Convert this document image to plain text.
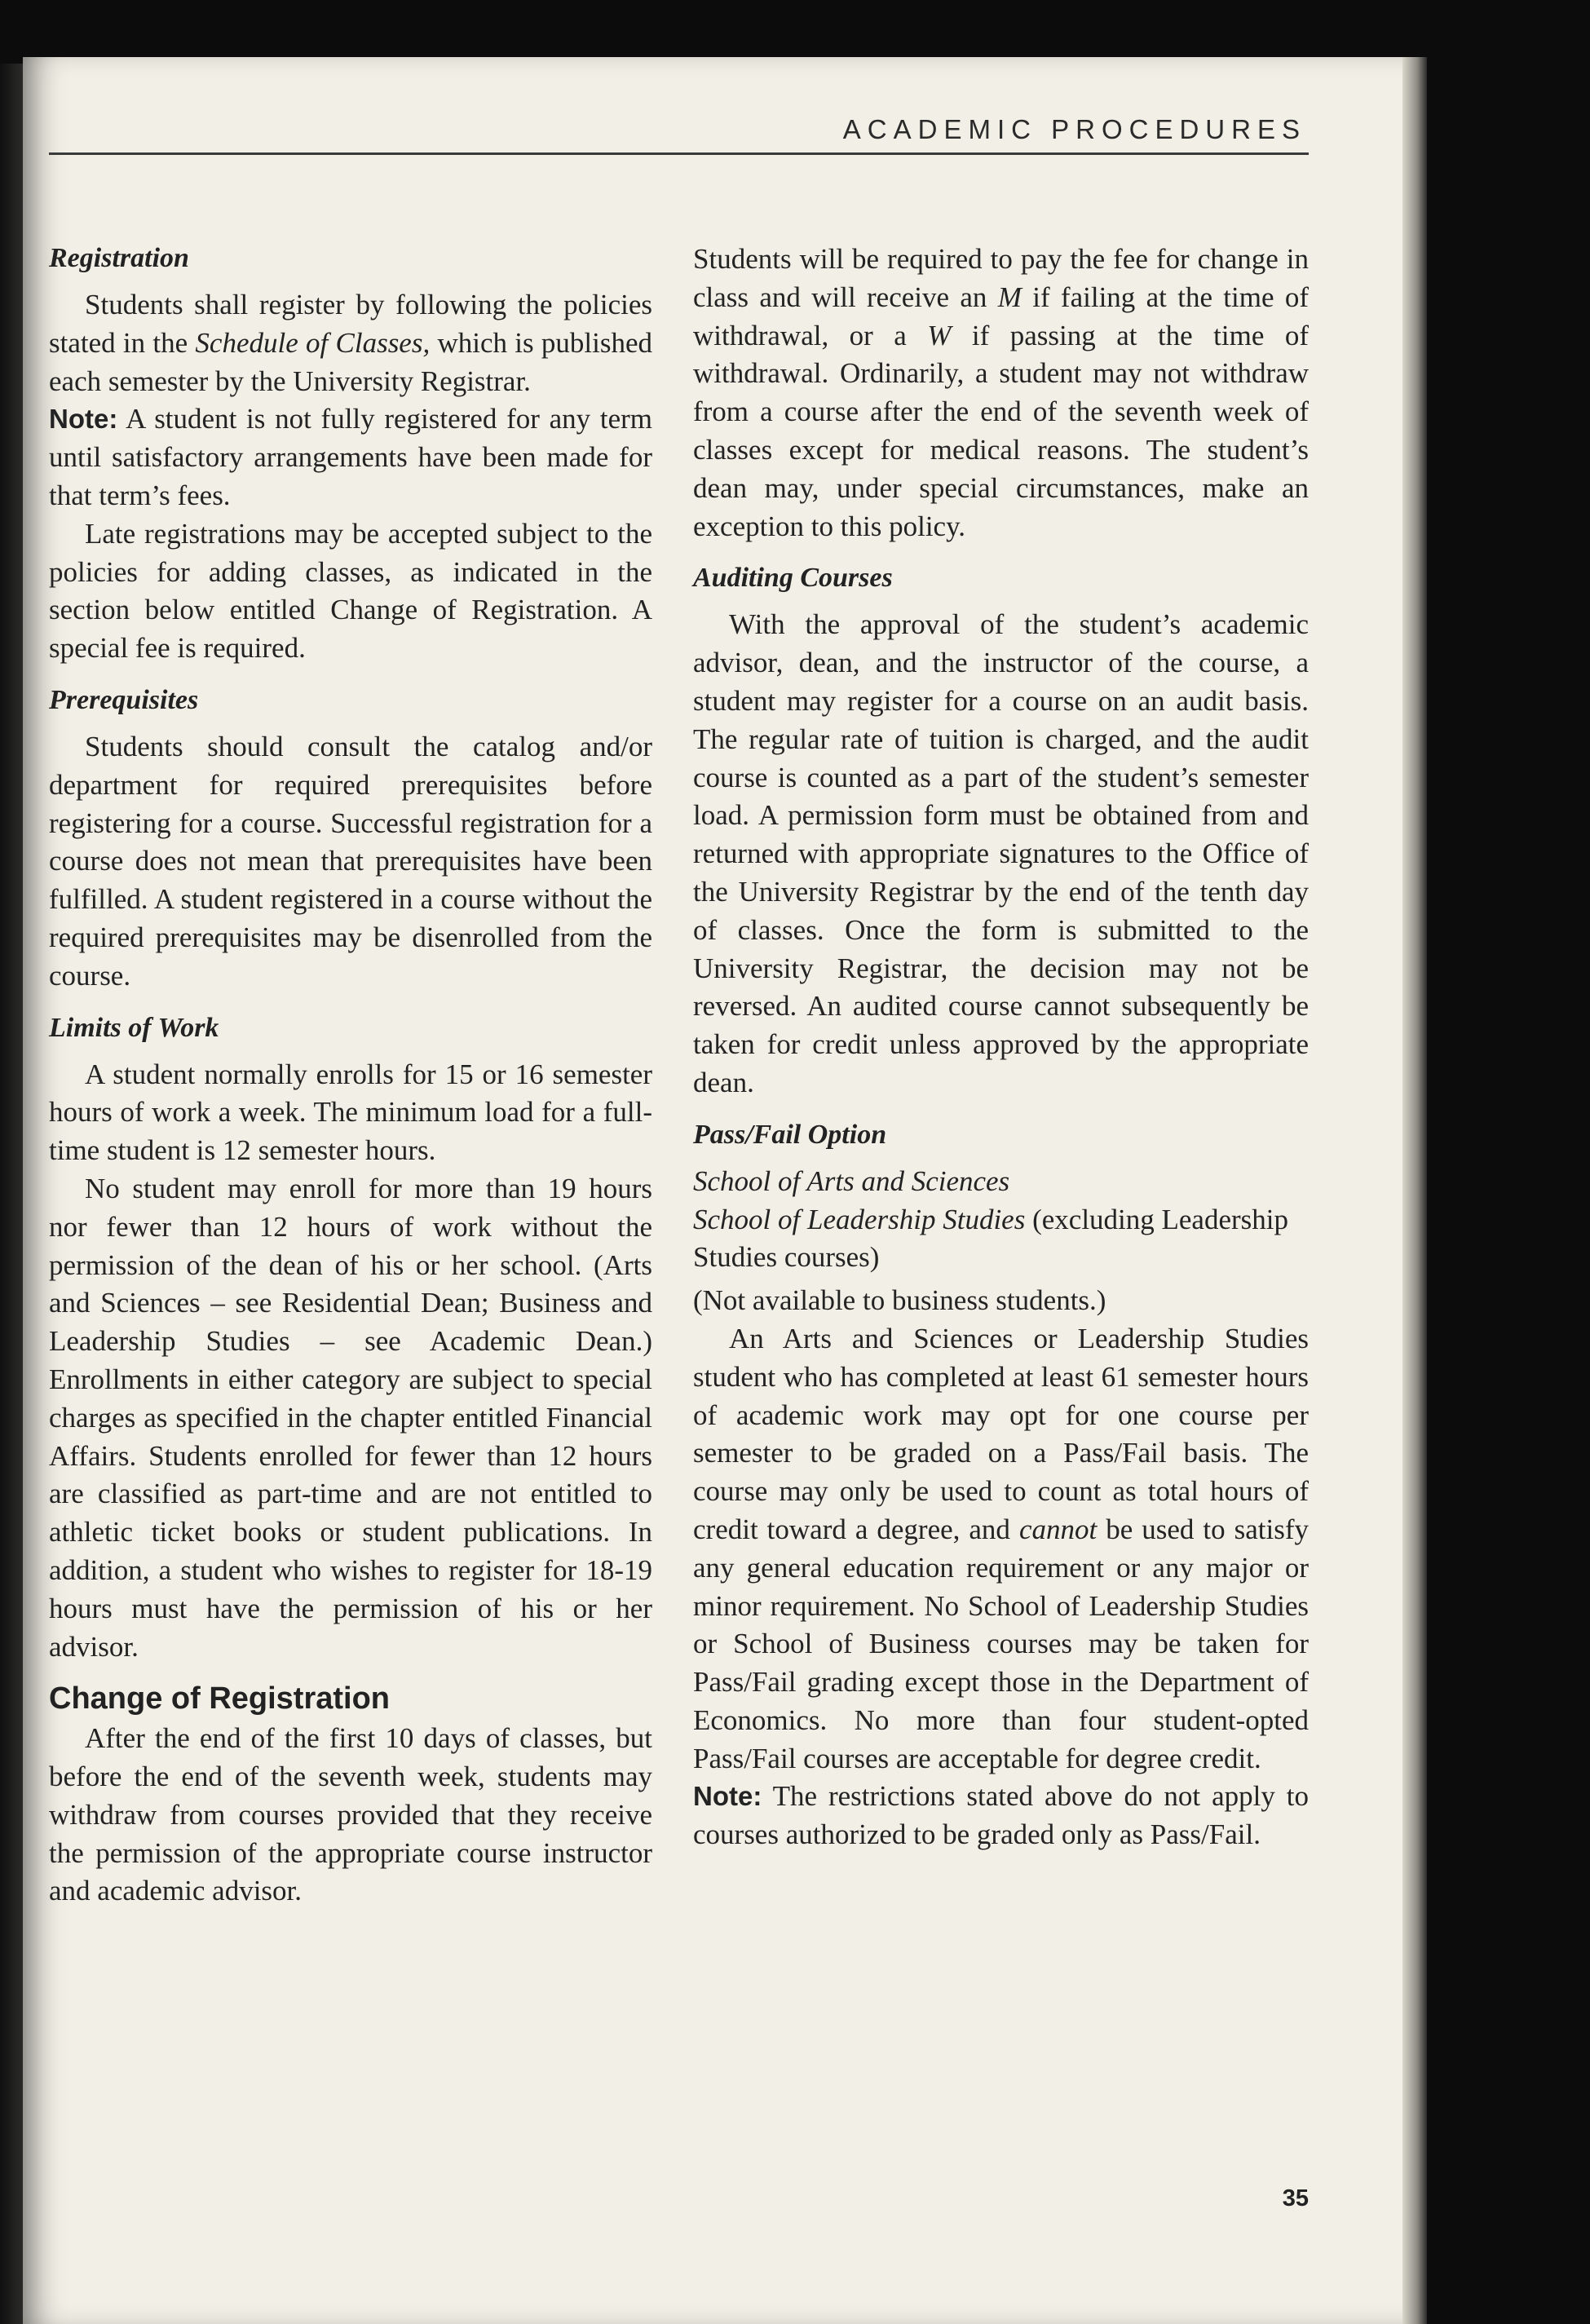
ACADEMIC PROCEDURES
Registration

Students shall register by following the policies stated in the Schedule of Classes, which is published each semester by the University Registrar.

Note: A student is not fully registered for any term until satisfactory arrangements have been made for that term’s fees.

Late registrations may be accepted subject to the policies for adding classes, as indicated in the section below entitled Change of Registration. A special fee is required.

Prerequisites

Students should consult the catalog and/or department for required prerequisites before registering for a course. Successful registration for a course does not mean that prerequisites have been fulfilled. A student registered in a course without the required prerequisites may be disenrolled from the course.

Limits of Work

A student normally enrolls for 15 or 16 semester hours of work a week. The minimum load for a full-time student is 12 semester hours.

No student may enroll for more than 19 hours nor fewer than 12 hours of work without the permission of the dean of his or her school. (Arts and Sciences – see Residential Dean; Business and Leadership Studies – see Academic Dean.) Enrollments in either category are subject to special charges as specified in the chapter entitled Financial Affairs. Students enrolled for fewer than 12 hours are classified as part-time and are not entitled to athletic ticket books or student publications. In addition, a student who wishes to register for 18-19 hours must have the permission of his or her advisor.

Change of Registration

After the end of the first 10 days of classes, but before the end of the seventh week, students may withdraw from courses provided that they receive the permission of the appropriate course instructor and academic advisor.

Students will be required to pay the fee for change in class and will receive an M if failing at the time of withdrawal, or a W if passing at the time of withdrawal. Ordinarily, a student may not withdraw from a course after the end of the seventh week of classes except for medical reasons. The student’s dean may, under special circumstances, make an exception to this policy.

Auditing Courses

With the approval of the student’s academic advisor, dean, and the instructor of the course, a student may register for a course on an audit basis. The regular rate of tuition is charged, and the audit course is counted as a part of the student’s semester load. A permission form must be obtained from and returned with appropriate signatures to the Office of the University Registrar by the end of the tenth day of classes. Once the form is submitted to the University Registrar, the decision may not be reversed. An audited course cannot subsequently be taken for credit unless approved by the appropriate dean.

Pass/Fail Option
School of Arts and Sciences
School of Leadership Studies (excluding Leadership Studies courses)
(Not available to business students.)

An Arts and Sciences or Leadership Studies student who has completed at least 61 semester hours of academic work may opt for one course per semester to be graded on a Pass/Fail basis. The course may only be used to count as total hours of credit toward a degree, and cannot be used to satisfy any general education requirement or any major or minor requirement. No School of Leadership Studies or School of Business courses may be taken for Pass/Fail grading except those in the Department of Economics. No more than four student-opted Pass/Fail courses are acceptable for degree credit.

Note: The restrictions stated above do not apply to courses authorized to be graded only as Pass/Fail.

35
